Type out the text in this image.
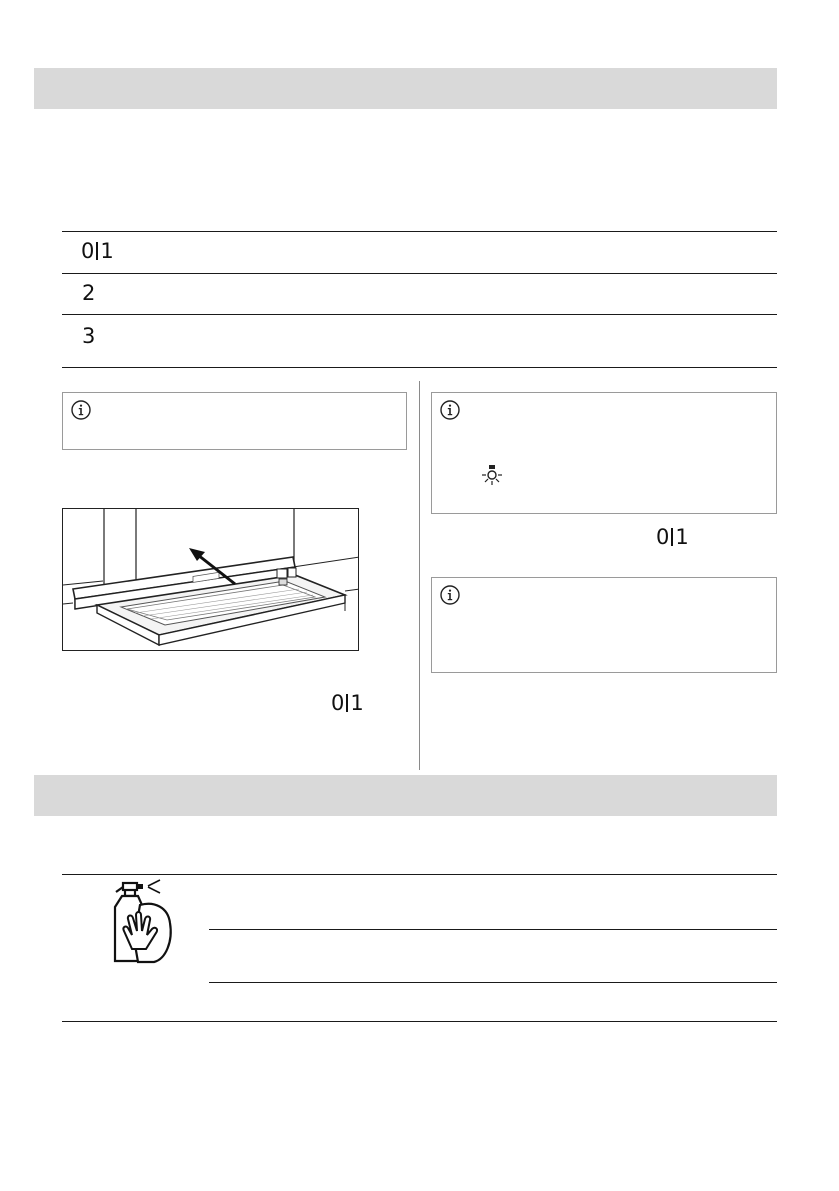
0 1
2
3
0 1
0 1
